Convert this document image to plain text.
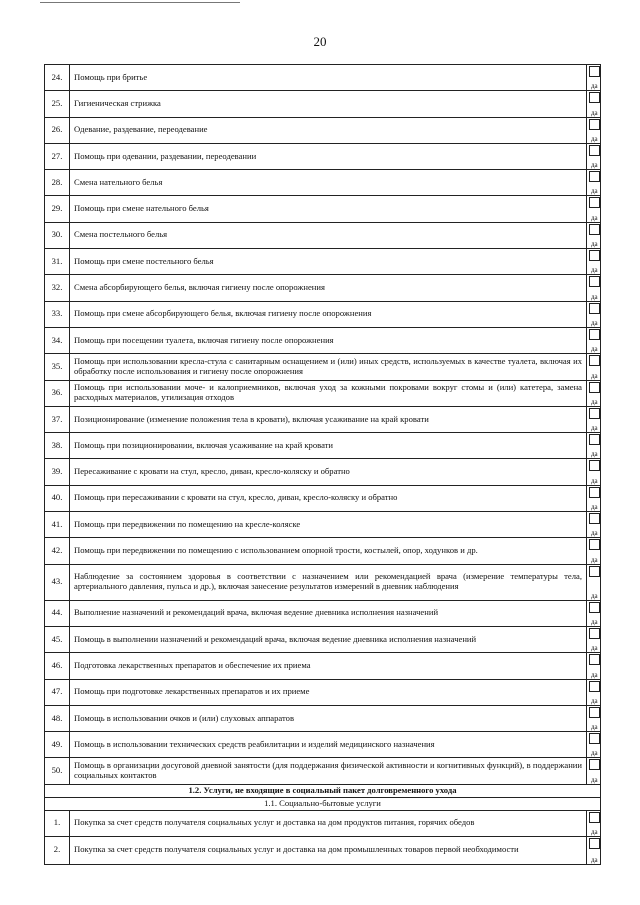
20
24.	Помощь при бритье	да

25.	Гигиеническая стрижка	да

26.	Одевание, раздевание, переодевание	да

27.	Помощь при одевании, раздевании, переодевании	да

28.	Смена нательного белья	да

29.	Помощь при смене нательного белья	да

30.	Смена постельного белья	да

31.	Помощь при смене постельного белья	да

32.	Смена абсорбирующего белья, включая гигиену после опорожнения	да

33.	Помощь при смене абсорбирующего белья, включая гигиену после опорожнения	да

34.	Помощь при посещении туалета, включая гигиену после опорожнения	да

35.	Помощь при использовании кресла-стула с санитарным оснащением и (или) иных средств, используемых в качестве туалета, включая их обработку после использования и гигиену после опорожнения	да

36.	Помощь при использовании моче- и калоприемников, включая уход за кожными покровами вокруг стомы и (или) катетера, замена расходных материалов, утилизация отходов	да

37.	Позиционирование (изменение положения тела в кровати), включая усаживание на край кровати	да

38.	Помощь при позиционировании, включая усаживание на край кровати	да

39.	Пересаживание с кровати на стул, кресло, диван, кресло-коляску и обратно	да

40.	Помощь при пересаживании с кровати на стул, кресло, диван, кресло-коляску и обратно	да

41.	Помощь при передвижении по помещению на кресле-коляске	да

42.	Помощь при передвижении по помещению с использованием опорной трости, костылей, опор, ходунков и др.	да

43.	Наблюдение за состоянием здоровья в соответствии с назначением или рекомендацией врача (измерение температуры тела, артериального давления, пульса и др.), включая занесение результатов измерений в дневник наблюдения	да

44.	Выполнение назначений и рекомендаций врача, включая ведение дневника исполнения назначений	да

45.	Помощь в выполнении назначений и рекомендаций врача, включая ведение дневника исполнения назначений	да

46.	Подготовка лекарственных препаратов и обеспечение их приема	да

47.	Помощь при подготовке лекарственных препаратов и их приеме	да

48.	Помощь в использовании очков и (или) слуховых аппаратов	да

49.	Помощь в использовании технических средств реабилитации и изделий медицинского назначения	да

50.	Помощь в организации досуговой дневной занятости (для поддержания физической активности и когнитивных функций), в поддержании социальных контактов	да

1.2. Услуги, не входящие в социальный пакет долговременного ухода		
1.1. Социально-бытовые услуги		
1.	Покупка за счет средств получателя социальных услуг и доставка на дом продуктов питания, горячих обедов	да

2.	Покупка за счет средств получателя социальных услуг и доставка на дом промышленных товаров первой необходимости	да
